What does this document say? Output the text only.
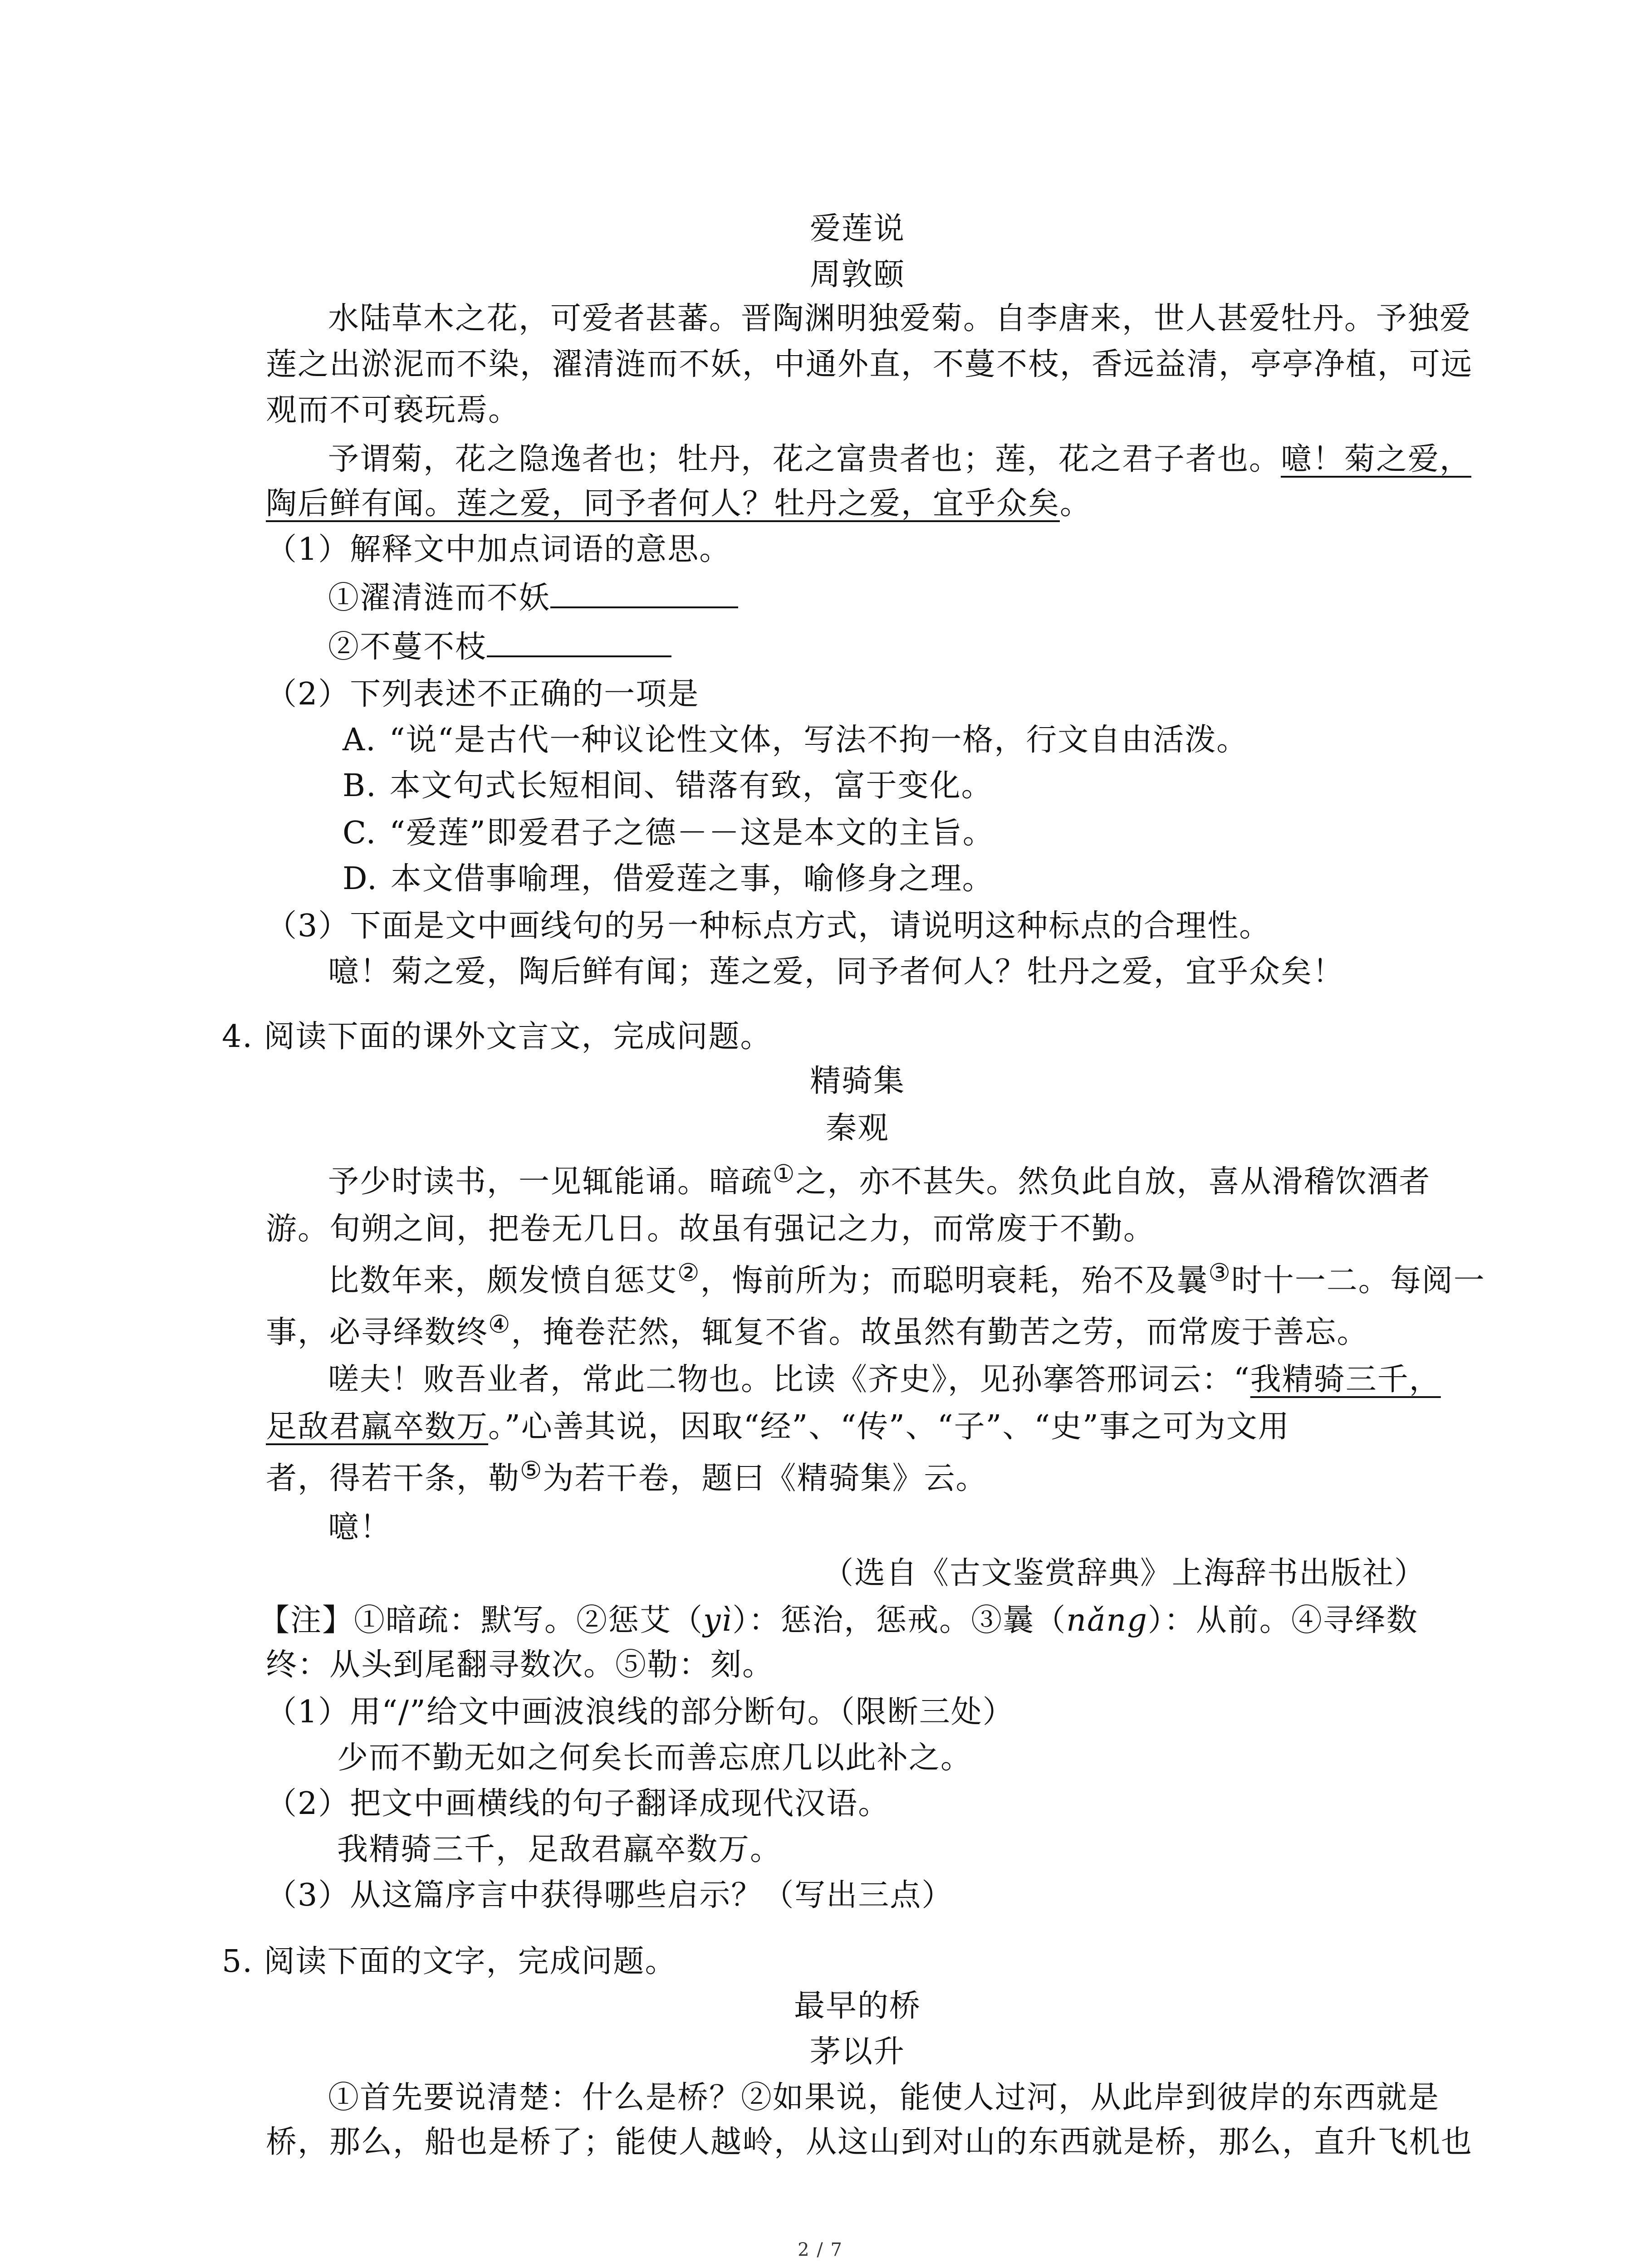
爱莲说
周敦颐
水陆草木之花，可爱者甚蕃。晋陶渊明独爱菊。自李唐来，世人甚爱牡丹。予独爱
莲之出淤泥而不染，濯清涟而不妖，中通外直，不蔓不枝，香远益清，亭亭净植，可远
观而不可亵玩焉。
予谓菊，花之隐逸者也；牡丹，花之富贵者也；莲，花之君子者也。噫！菊之爱，
陶后鲜有闻。莲之爱，同予者何人？牡丹之爱，宜乎众矣。
（1）解释文中加点词语的意思。
①濯清涟而不妖
②不蔓不枝
（2）下列表述不正确的一项是
A. “说“是古代一种议论性文体，写法不拘一格，行文自由活泼。
B. 本文句式长短相间、错落有致，富于变化。
C. “爱莲”即爱君子之德－－这是本文的主旨。
D. 本文借事喻理，借爱莲之事，喻修身之理。
（3）下面是文中画线句的另一种标点方式，请说明这种标点的合理性。
噫！菊之爱，陶后鲜有闻；莲之爱，同予者何人？牡丹之爱，宜乎众矣！
4. 阅读下面的课外文言文，完成问题。
精骑集
秦观
予少时读书，一见辄能诵。暗疏①之，亦不甚失。然负此自放，喜从滑稽饮酒者
游。旬朔之间，把卷无几日。故虽有强记之力，而常废于不勤。
比数年来，颇发愤自惩艾②，悔前所为；而聪明衰耗，殆不及曩③时十一二。每阅一
事，必寻绎数终④，掩卷茫然，辄复不省。故虽然有勤苦之劳，而常废于善忘。
嗟夫！败吾业者，常此二物也。比读《齐史》，见孙搴答邢词云：“我精骑三千，
足敌君羸卒数万。”心善其说，因取“经”、“传”、“子”、“史”事之可为文用
者，得若干条，勒⑤为若干卷，题曰《精骑集》云。
噫！
（选自《古文鉴赏辞典》上海辞书出版社）
【注】①暗疏：默写。②惩艾（yì）：惩治，惩戒。③曩（nǎng）：从前。④寻绎数
终：从头到尾翻寻数次。⑤勒：刻。
（1）用“/”给文中画波浪线的部分断句。（限断三处）
少而不勤无如之何矣长而善忘庶几以此补之。
（2）把文中画横线的句子翻译成现代汉语。
我精骑三千，足敌君羸卒数万。
（3）从这篇序言中获得哪些启示？（写出三点）
5. 阅读下面的文字，完成问题。
最早的桥
茅以升
①首先要说清楚：什么是桥？②如果说，能使人过河，从此岸到彼岸的东西就是
桥，那么，船也是桥了；能使人越岭，从这山到对山的东西就是桥，那么，直升飞机也
2 / 7
